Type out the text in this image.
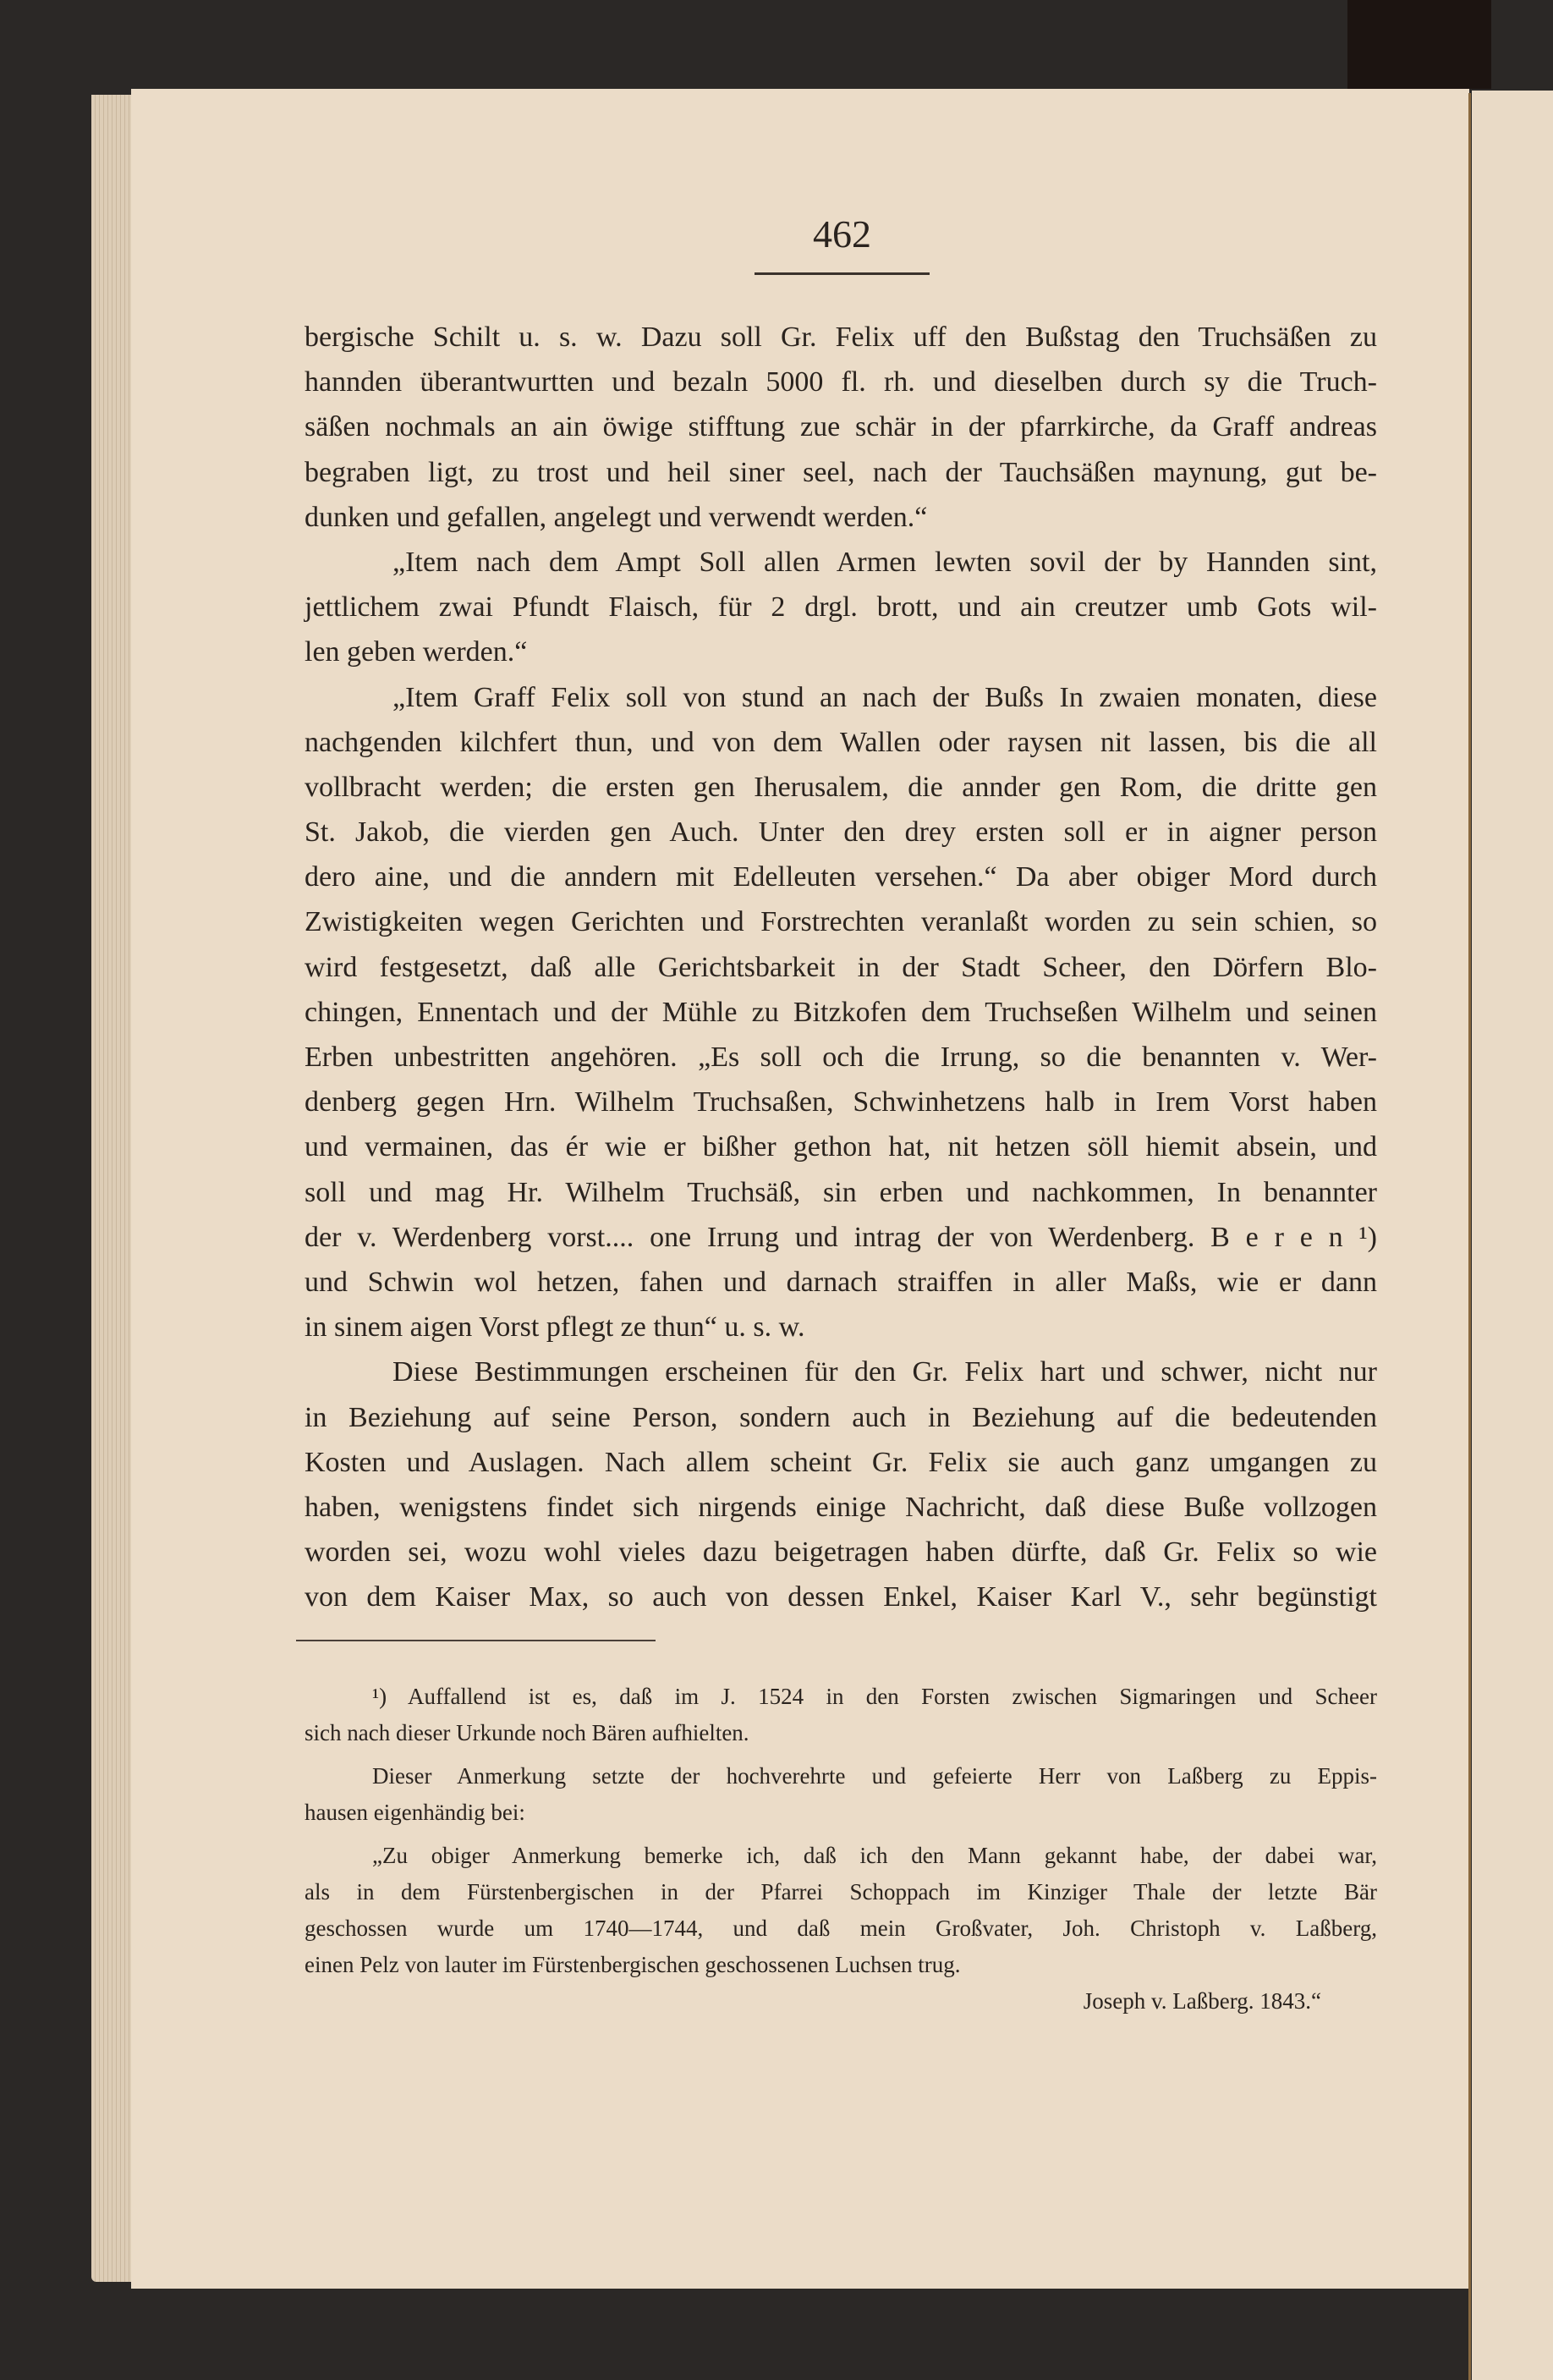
462
bergische Schilt u. s. w. Dazu soll Gr. Felix uff den Bußstag den Truchsäßen zu
hannden überantwurtten und bezaln 5000 fl. rh. und dieselben durch sy die Truch-
säßen nochmals an ain öwige stifftung zue schär in der pfarrkirche, da Graff andreas
begraben ligt, zu trost und heil siner seel, nach der Tauchsäßen maynung, gut be-
dunken und gefallen, angelegt und verwendt werden.“
„Item nach dem Ampt Soll allen Armen lewten sovil der by Hannden sint,
jettlichem zwai Pfundt Flaisch, für 2 drgl. brott, und ain creutzer umb Gots wil-
len geben werden.“
„Item Graff Felix soll von stund an nach der Bußs In zwaien monaten, diese
nachgenden kilchfert thun, und von dem Wallen oder raysen nit lassen, bis die all
vollbracht werden; die ersten gen Iherusalem, die annder gen Rom, die dritte gen
St. Jakob, die vierden gen Auch. Unter den drey ersten soll er in aigner person
dero aine, und die anndern mit Edelleuten versehen.“ Da aber obiger Mord durch
Zwistigkeiten wegen Gerichten und Forstrechten veranlaßt worden zu sein schien, so
wird festgesetzt, daß alle Gerichtsbarkeit in der Stadt Scheer, den Dörfern Blo-
chingen, Ennentach und der Mühle zu Bitzkofen dem Truchseßen Wilhelm und seinen
Erben unbestritten angehören. „Es soll och die Irrung, so die benannten v. Wer-
denberg gegen Hrn. Wilhelm Truchsaßen, Schwinhetzens halb in Irem Vorst haben
und vermainen, das ér wie er bißher gethon hat, nit hetzen söll hiemit absein, und
soll und mag Hr. Wilhelm Truchsäß, sin erben und nachkommen, In benannter
der v. Werdenberg vorst.... one Irrung und intrag der von Werdenberg. B e r e n ¹)
und Schwin wol hetzen, fahen und darnach straiffen in aller Maßs, wie er dann
in sinem aigen Vorst pflegt ze thun“ u. s. w.
Diese Bestimmungen erscheinen für den Gr. Felix hart und schwer, nicht nur
in Beziehung auf seine Person, sondern auch in Beziehung auf die bedeutenden
Kosten und Auslagen. Nach allem scheint Gr. Felix sie auch ganz umgangen zu
haben, wenigstens findet sich nirgends einige Nachricht, daß diese Buße vollzogen
worden sei, wozu wohl vieles dazu beigetragen haben dürfte, daß Gr. Felix so wie
von dem Kaiser Max, so auch von dessen Enkel, Kaiser Karl V., sehr begünstigt
¹) Auffallend ist es, daß im J. 1524 in den Forsten zwischen Sigmaringen und Scheer
sich nach dieser Urkunde noch Bären aufhielten.
Dieser Anmerkung setzte der hochverehrte und gefeierte Herr von Laßberg zu Eppis-
hausen eigenhändig bei:
„Zu obiger Anmerkung bemerke ich, daß ich den Mann gekannt habe, der dabei war,
als in dem Fürstenbergischen in der Pfarrei Schoppach im Kinziger Thale der letzte Bär
geschossen wurde um 1740—1744, und daß mein Großvater, Joh. Christoph v. Laßberg,
einen Pelz von lauter im Fürstenbergischen geschossenen Luchsen trug.
Joseph v. Laßberg. 1843.“
